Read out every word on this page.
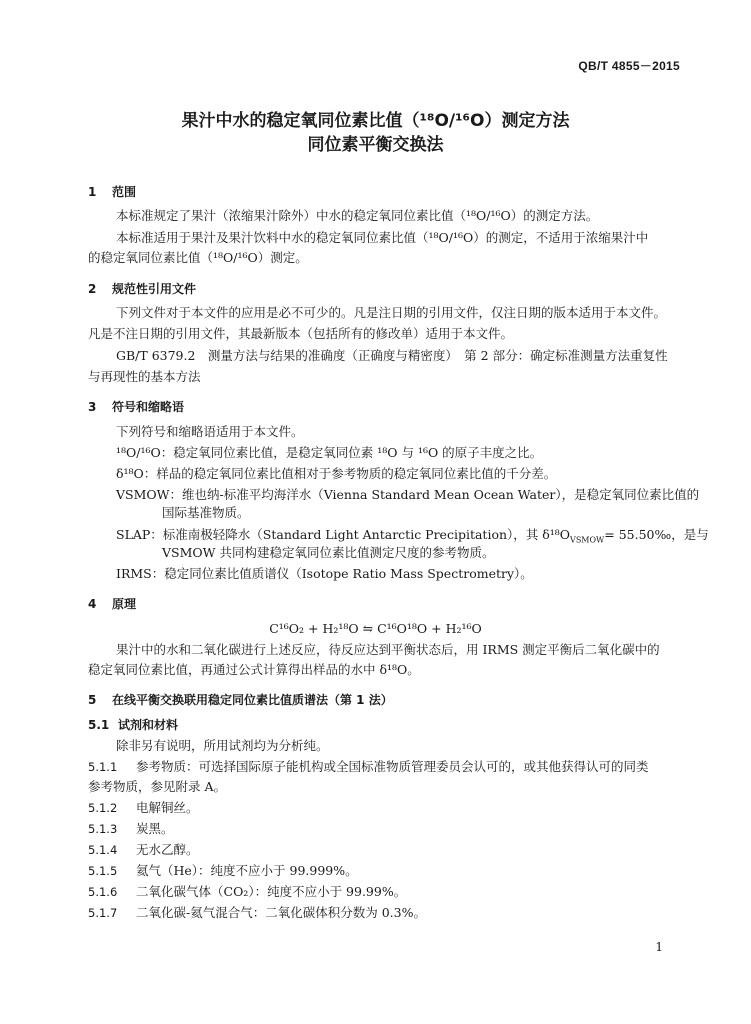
QB/T 4855－2015
果汁中水的稳定氧同位素比值（¹⁸O/¹⁶O）测定方法
同位素平衡交换法
1 范围
本标准规定了果汁（浓缩果汁除外）中水的稳定氧同位素比值（¹⁸O/¹⁶O）的测定方法。
本标准适用于果汁及果汁饮料中水的稳定氧同位素比值（¹⁸O/¹⁶O）的测定，不适用于浓缩果汁中
的稳定氧同位素比值（¹⁸O/¹⁶O）测定。
2 规范性引用文件
下列文件对于本文件的应用是必不可少的。凡是注日期的引用文件，仅注日期的版本适用于本文件。
凡是不注日期的引用文件，其最新版本（包括所有的修改单）适用于本文件。
GB/T 6379.2　测量方法与结果的准确度（正确度与精密度）　第 2 部分：确定标准测量方法重复性
与再现性的基本方法
3 符号和缩略语
下列符号和缩略语适用于本文件。
¹⁸O/¹⁶O：稳定氧同位素比值，是稳定氧同位素 ¹⁸O 与 ¹⁶O 的原子丰度之比。
δ¹⁸O：样品的稳定氧同位素比值相对于参考物质的稳定氧同位素比值的千分差。
VSMOW：维也纳-标准平均海洋水（Vienna Standard Mean Ocean Water），是稳定氧同位素比值的
国际基准物质。
SLAP：标准南极轻降水（Standard Light Antarctic Precipitation），其 $\delta^{18}O_{VSMOW}=$ 55.50‰，是与
VSMOW 共同构建稳定氧同位素比值测定尺度的参考物质。
IRMS：稳定同位素比值质谱仪（Isotope Ratio Mass Spectrometry）。
4 原理
C¹⁶O₂ + H₂¹⁸O ⇋ C¹⁶O¹⁸O + H₂¹⁶O
果汁中的水和二氧化碳进行上述反应，待反应达到平衡状态后，用 IRMS 测定平衡后二氧化碳中的
稳定氧同位素比值，再通过公式计算得出样品的水中 δ¹⁸O。
5 在线平衡交换联用稳定同位素比值质谱法（第 1 法）
5.1 试剂和材料
除非另有说明，所用试剂均为分析纯。
5.1.1 参考物质：可选择国际原子能机构或全国标准物质管理委员会认可的，或其他获得认可的同类
参考物质，参见附录 A。
5.1.2 电解铜丝。
5.1.3 炭黑。
5.1.4 无水乙醇。
5.1.5 氦气（He）：纯度不应小于 99.999%。
5.1.6 二氧化碳气体（CO₂）：纯度不应小于 99.99%。
5.1.7 二氧化碳-氦气混合气：二氧化碳体积分数为 0.3%。
1
